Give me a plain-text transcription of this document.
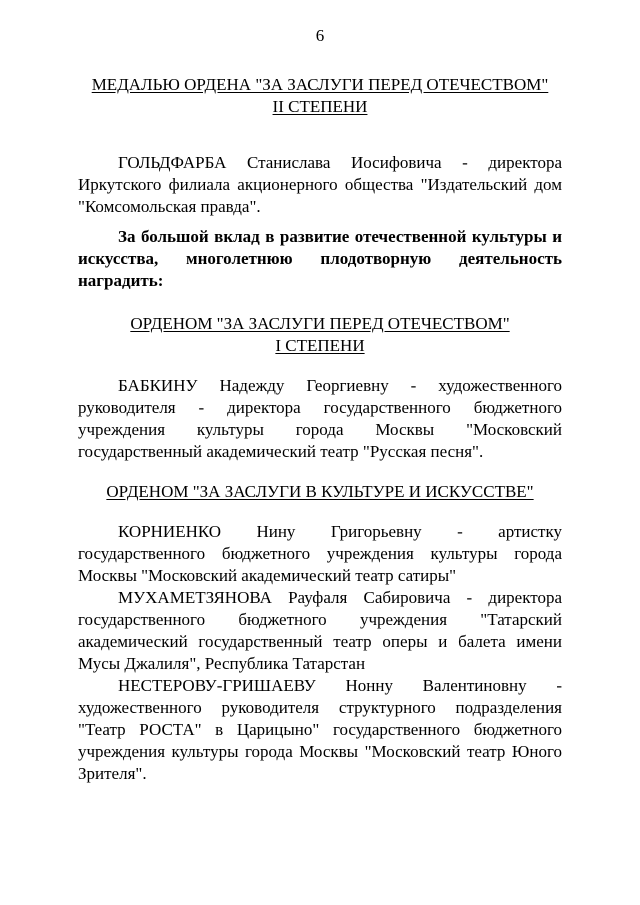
6
МЕДАЛЬЮ ОРДЕНА "ЗА ЗАСЛУГИ ПЕРЕД ОТЕЧЕСТВОМ"
II СТЕПЕНИ
ГОЛЬДФАРБА Станислава Иосифовича - директора Иркутского филиала акционерного общества "Издательский дом "Комсомольская правда".
За большой вклад в развитие отечественной культуры и искусства, многолетнюю плодотворную деятельность наградить:
ОРДЕНОМ "ЗА ЗАСЛУГИ ПЕРЕД ОТЕЧЕСТВОМ"
I СТЕПЕНИ
БАБКИНУ Надежду Георгиевну - художественного руководителя - директора государственного бюджетного учреждения культуры города Москвы "Московский государственный академический театр "Русская песня".
ОРДЕНОМ "ЗА ЗАСЛУГИ В КУЛЬТУРЕ И ИСКУССТВЕ"
КОРНИЕНКО Нину Григорьевну - артистку государственного бюджетного учреждения культуры города Москвы "Московский академический театр сатиры"
МУХАМЕТЗЯНОВА Рауфаля Сабировича - директора государственного бюджетного учреждения "Татарский академический государственный театр оперы и балета имени Мусы Джалиля", Республика Татарстан
НЕСТЕРОВУ-ГРИШАЕВУ Нонну Валентиновну - художественного руководителя структурного подразделения "Театр РОСТА" в Царицыно" государственного бюджетного учреждения культуры города Москвы "Московский театр Юного Зрителя".
